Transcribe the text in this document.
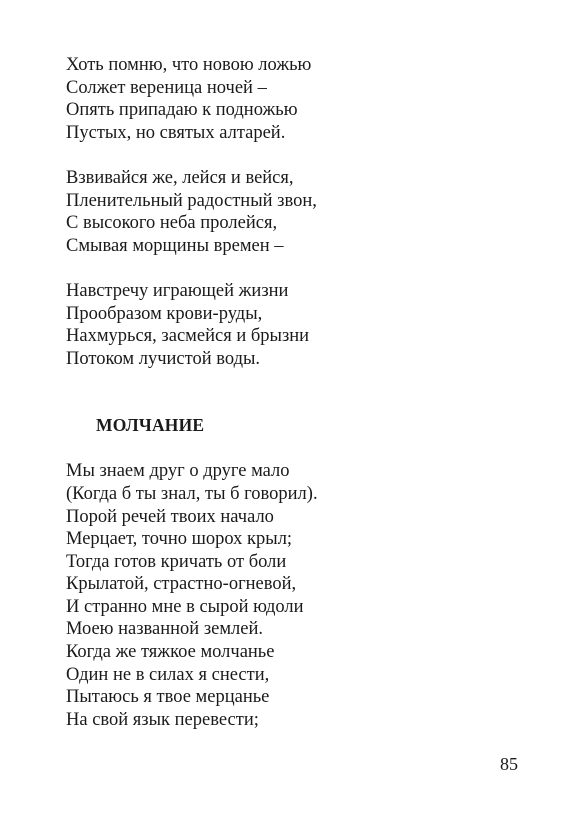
Хоть помню, что новою ложью
Солжет вереница ночей –
Опять припадаю к подножью
Пустых, но святых алтарей.
Взвивайся же, лейся и вейся,
Пленительный радостный звон,
С высокого неба пролейся,
Смывая морщины времен –
Навстречу играющей жизни
Прообразом крови-руды,
Нахмурься, засмейся и брызни
Потоком лучистой воды.
МОЛЧАНИЕ
Мы знаем друг о друге мало
(Когда б ты знал, ты б говорил).
Порой речей твоих начало
Мерцает, точно шорох крыл;
Тогда готов кричать от боли
Крылатой, страстно-огневой,
И странно мне в сырой юдоли
Моею названной землей.
Когда же тяжкое молчанье
Один не в силах я снести,
Пытаюсь я твое мерцанье
На свой язык перевести;
85
